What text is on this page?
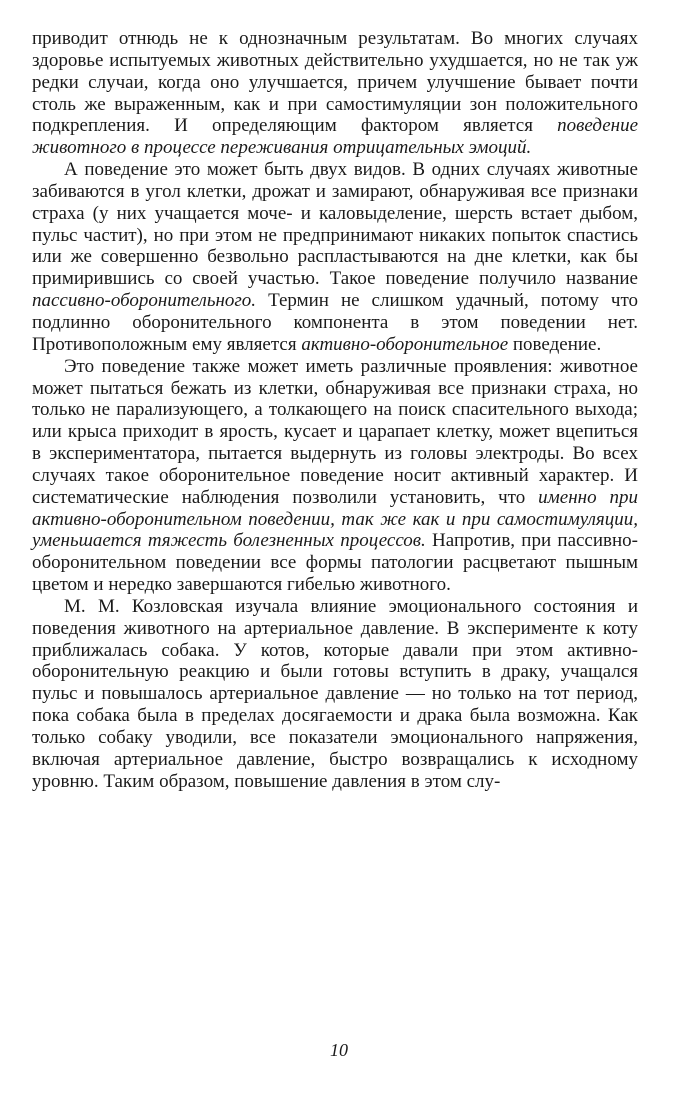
приводит отнюдь не к однозначным результатам. Во многих случаях здоровье испытуемых животных действительно ухудшается, но не так уж редки случаи, когда оно улучшается, причем улучшение бывает почти столь же выраженным, как и при самостимуляции зон положительного подкрепления. И определяющим фактором является поведение животного в процессе переживания отрицательных эмоций.

А поведение это может быть двух видов. В одних случаях животные забиваются в угол клетки, дрожат и замирают, обнаруживая все признаки страха (у них учащается моче- и каловыделение, шерсть встает дыбом, пульс частит), но при этом не предпринимают никаких попыток спастись или же совершенно безвольно распластываются на дне клетки, как бы примирившись со своей участью. Такое поведение получило название пассивно-оборонительного. Термин не слишком удачный, потому что подлинно оборонительного компонента в этом поведении нет. Противоположным ему является активно-оборонительное поведение.

Это поведение также может иметь различные проявления: животное может пытаться бежать из клетки, обнаруживая все признаки страха, но только не парализующего, а толкающего на поиск спасительного выхода; или крыса приходит в ярость, кусает и царапает клетку, может вцепиться в экспериментатора, пытается выдернуть из головы электроды. Во всех случаях такое оборонительное поведение носит активный характер. И систематические наблюдения позволили установить, что именно при активно-оборонительном поведении, так же как и при самостимуляции, уменьшается тяжесть болезненных процессов. Напротив, при пассивно-оборонительном поведении все формы патологии расцветают пышным цветом и нередко завершаются гибелью животного.

М. М. Козловская изучала влияние эмоционального состояния и поведения животного на артериальное давление. В эксперименте к коту приближалась собака. У котов, которые давали при этом активно-оборонительную реакцию и были готовы вступить в драку, учащался пульс и повышалось артериальное давление — но только на тот период, пока собака была в пределах досягаемости и драка была возможна. Как только собаку уводили, все показатели эмоционального напряжения, включая артериальное давление, быстро возвращались к исходному уровню. Таким образом, повышение давления в этом слу-

10
